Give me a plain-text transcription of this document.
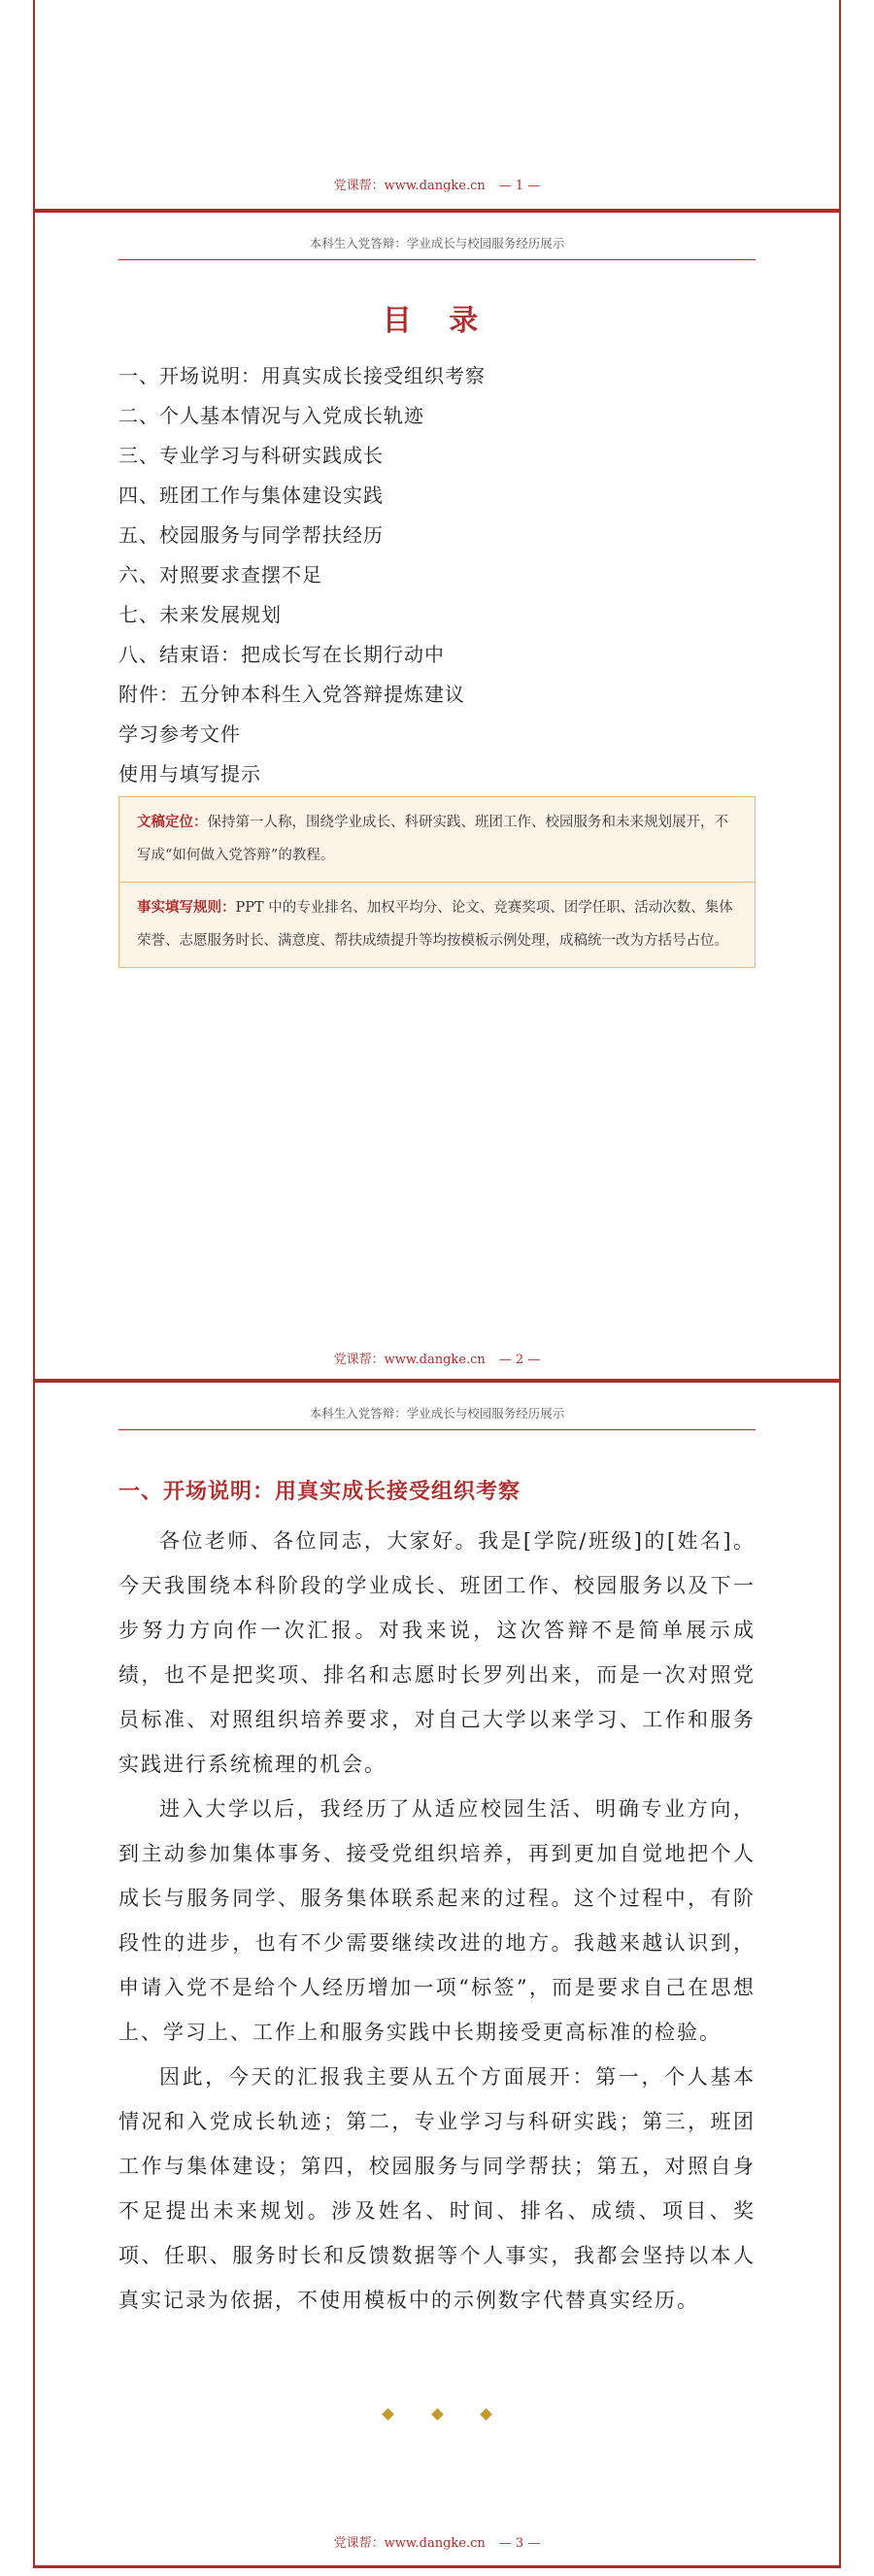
党课帮：www.dangke.cn — 1 —
本科生入党答辩：学业成长与校园服务经历展示
目 录
一、开场说明：用真实成长接受组织考察
二、个人基本情况与入党成长轨迹
三、专业学习与科研实践成长
四、班团工作与集体建设实践
五、校园服务与同学帮扶经历
六、对照要求查摆不足
七、未来发展规划
八、结束语：把成长写在长期行动中
附件：五分钟本科生入党答辩提炼建议
学习参考文件
使用与填写提示
文稿定位：保持第一人称，围绕学业成长、科研实践、班团工作、校园服务和未来规划展开，不写成“如何做入党答辩”的教程。
事实填写规则：PPT 中的专业排名、加权平均分、论文、竞赛奖项、团学任职、活动次数、集体荣誉、志愿服务时长、满意度、帮扶成绩提升等均按模板示例处理，成稿统一改为方括号占位。
党课帮：www.dangke.cn — 2 —
本科生入党答辩：学业成长与校园服务经历展示
一、开场说明：用真实成长接受组织考察

各位老师、各位同志，大家好。我是[学院/班级]的[姓名]。今天我围绕本科阶段的学业成长、班团工作、校园服务以及下一步努力方向作一次汇报。对我来说，这次答辩不是简单展示成绩，也不是把奖项、排名和志愿时长罗列出来，而是一次对照党员标准、对照组织培养要求，对自己大学以来学习、工作和服务实践进行系统梳理的机会。

进入大学以后，我经历了从适应校园生活、明确专业方向，到主动参加集体事务、接受党组织培养，再到更加自觉地把个人成长与服务同学、服务集体联系起来的过程。这个过程中，有阶段性的进步，也有不少需要继续改进的地方。我越来越认识到，申请入党不是给个人经历增加一项“标签”，而是要求自己在思想上、学习上、工作上和服务实践中长期接受更高标准的检验。

因此，今天的汇报我主要从五个方面展开：第一，个人基本情况和入党成长轨迹；第二，专业学习与科研实践；第三，班团工作与集体建设；第四，校园服务与同学帮扶；第五，对照自身不足提出未来规划。涉及姓名、时间、排名、成绩、项目、奖项、任职、服务时长和反馈数据等个人事实，我都会坚持以本人真实记录为依据，不使用模板中的示例数字代替真实经历。

党课帮：www.dangke.cn — 3 —
